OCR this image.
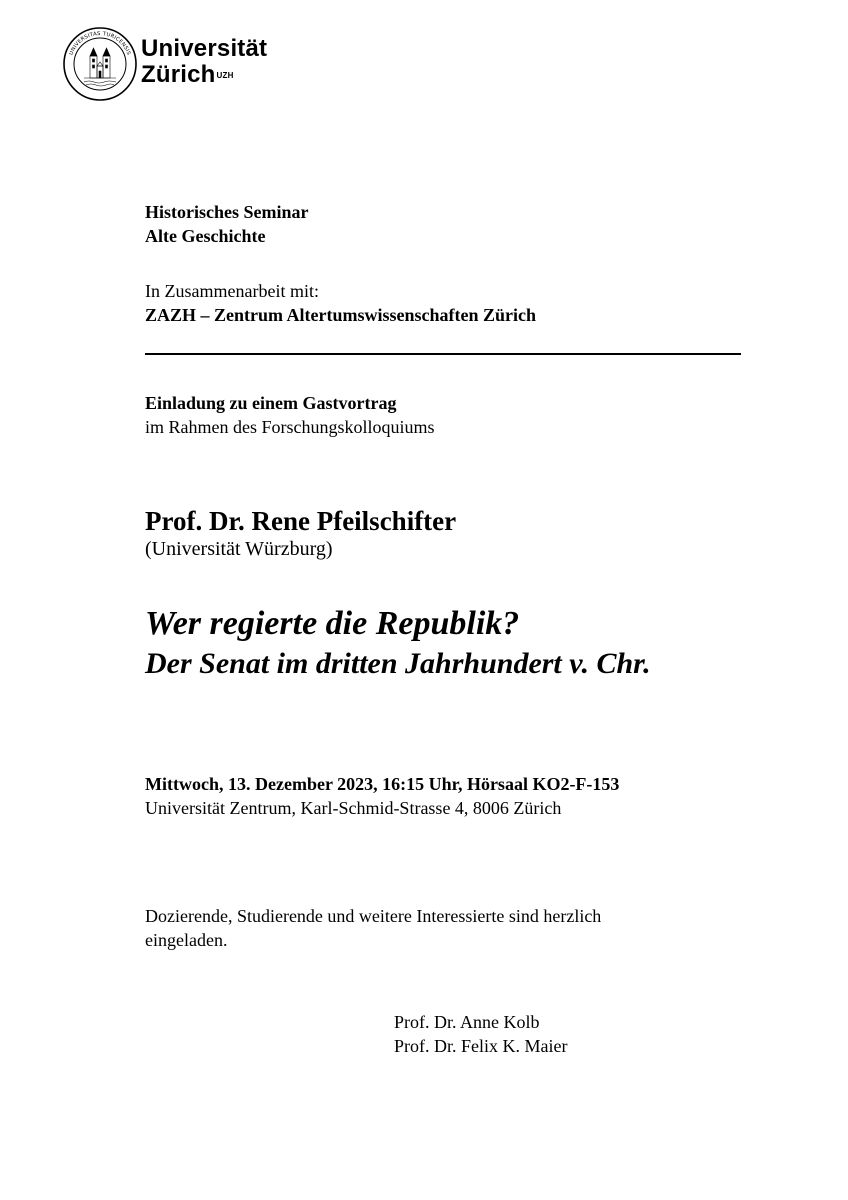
UNIVERSITAS TURICENSIS Universität
Zürich$^{UZH}$
Historisches Seminar
Alte Geschichte
In Zusammenarbeit mit:
ZAZH – Zentrum Altertumswissenschaften Zürich
Einladung zu einem Gastvortrag
im Rahmen des Forschungskolloquiums
Prof. Dr. Rene Pfeilschifter
(Universität Würzburg)
Wer regierte die Republik?
Der Senat im dritten Jahrhundert v. Chr.
Mittwoch, 13. Dezember 2023, 16:15 Uhr, Hörsaal KO2-F-153
Universität Zentrum, Karl-Schmid-Strasse 4, 8006 Zürich
Dozierende, Studierende und weitere Interessierte sind herzlich
eingeladen.
Prof. Dr. Anne Kolb
Prof. Dr. Felix K. Maier
